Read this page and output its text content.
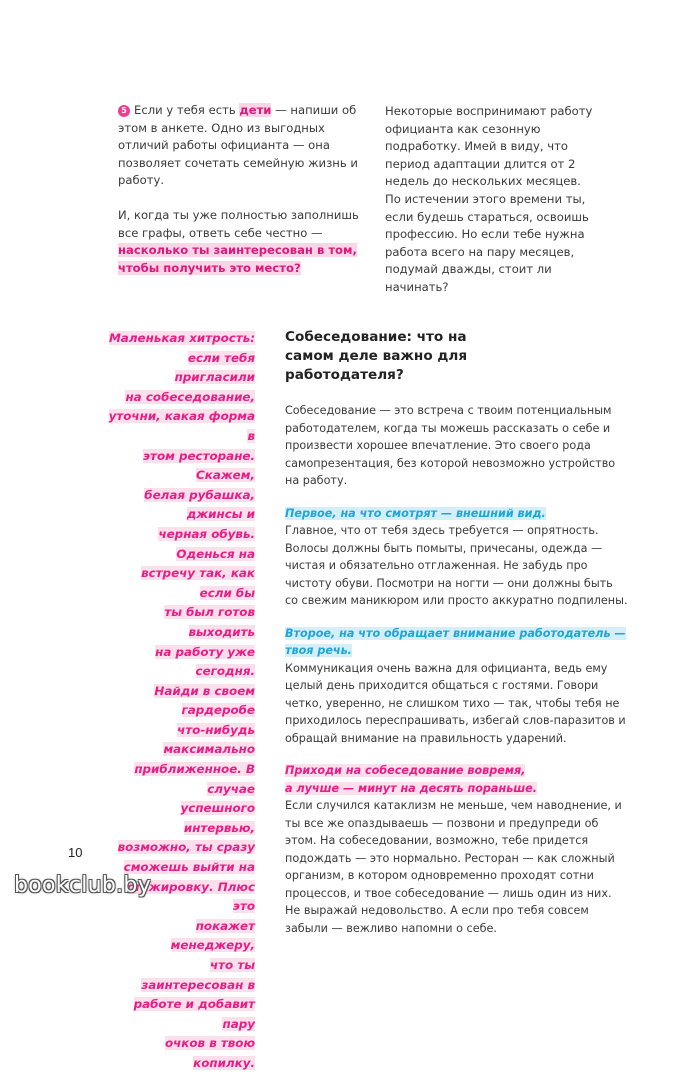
5 Если у тебя есть дети — напиши об этом в анкете. Одно из выгодных отличий работы официанта — она позволяет сочетать семейную жизнь и работу.

И, когда ты уже полностью заполнишь все графы, ответь себе честно — насколько ты заинтересован в том, чтобы получить это место?

Некоторые воспринимают работу официанта как сезонную подработку. Имей в виду, что период адаптации длится от 2 недель до нескольких месяцев. По истечении этого времени ты, если будешь стараться, освоишь профессию. Но если тебе нужна работа всего на пару месяцев, подумай дважды, стоит ли начинать?

Маленькая хитрость:
если тебя пригласили
на собеседование,
уточни, какая форма в
этом ресторане. Скажем,
белая рубашка, джинсы и
черная обувь. Оденься на
встречу так, как если бы
ты был готов выходить
на работу уже сегодня.
Найди в своем гардеробе
что-нибудь максимально
приближенное. В случае
успешного интервью,
возможно, ты сразу
сможешь выйти на
стажировку. Плюс это
покажет менеджеру,
что ты заинтересован в
работе и добавит пару
очков в твою копилку.
Собеседование: что на самом деле важно для работодателя?

Собеседование — это встреча с твоим потенциальным работодателем, когда ты можешь рассказать о себе и произвести хорошее впечатление. Это своего рода самопрезентация, без которой невозможно устройство на работу.

Первое, на что смотрят — внешний вид.

Главное, что от тебя здесь требуется — опрятность. Волосы должны быть помыты, причесаны, одежда — чистая и обязательно отглаженная. Не забудь про чистоту обуви. Посмотри на ногти — они должны быть со свежим маникюром или просто аккуратно подпилены.

Второе, на что обращает внимание работодатель — твоя речь.

Коммуникация очень важна для официанта, ведь ему целый день приходится общаться с гостями. Говори четко, уверенно, не слишком тихо — так, чтобы тебя не приходилось переспрашивать, избегай слов-паразитов и обращай внимание на правильность ударений.

Приходи на собеседование вовремя,
а лучше — минут на десять пораньше.

Если случился катаклизм не меньше, чем наводнение, и ты все же опаздываешь — позвони и предупреди об этом. На собеседовании, возможно, тебе придется подождать — это нормально. Ресторан — как сложный организм, в котором одновременно проходят сотни процессов, и твое собеседование — лишь один из них. Не выражай недовольство. А если про тебя совсем забыли — вежливо напомни о себе.

10
bookclub.by
